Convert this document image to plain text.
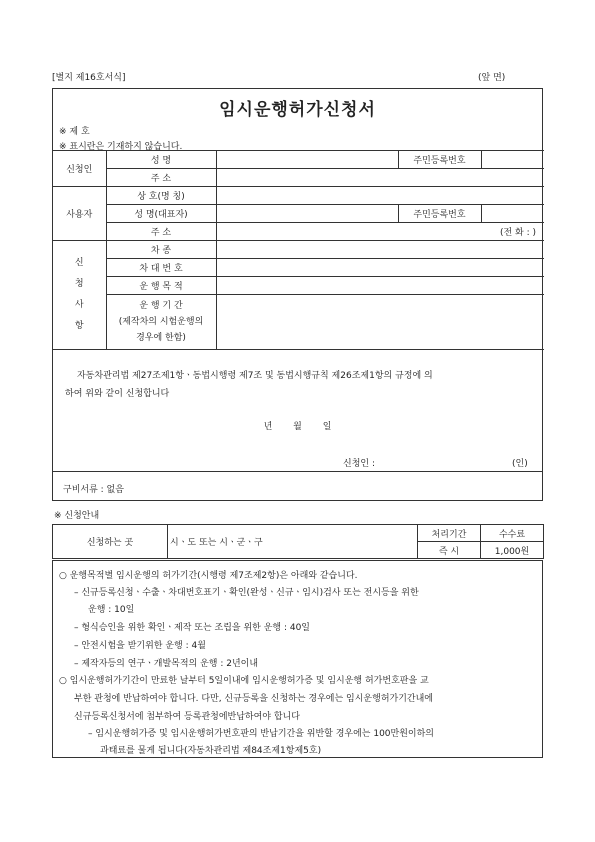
[별지 제16호서식]	(앞 면)
임시운행허가신청서
※ 제 호
※ 표시란은 기재하지 않습니다.
신청인	성 명		주민등록번호	
	주 소			
사용자	상 호(명 칭)			
	성 명(대표자)		주민등록번호	
	주 소	(전 화 : )		

신
청
사
항	차 종			
	차 대 번 호			
	운 행 목 적			

	운 행 기 간
(제작차의 시험운행의
경우에 한함)			

자동차관리법 제27조제1항ㆍ동법시행령 제7조 및 동법시행규칙 제26조제1항의 규정에 의
하여 위와 같이 신청합니다
년 월 일
신청인 :	(인)
구비서류 : 없음
※ 신청안내
신청하는 곳	시ㆍ도 또는 시ㆍ군ㆍ구	처리기간	수수료
		즉 시	1,000원
○ 운행목적별 임시운행의 허가기간(시행령 제7조제2항)은 아래와 같습니다.
– 신규등록신청ㆍ수출ㆍ차대번호표기ㆍ확인(완성ㆍ신규ㆍ임시)검사 또는 전시등을 위한
운행 : 10일
– 형식승인을 위한 확인ㆍ제작 또는 조립을 위한 운행 : 40일
– 안전시험을 받기위한 운행 : 4월
– 제작자등의 연구ㆍ개발목적의 운행 : 2년이내
○ 임시운행허가기간이 만료한 날부터 5일이내에 임시운행허가증 및 임시운행 허가번호판을 교
부한 관청에 반납하여야 합니다. 다만, 신규등록을 신청하는 경우에는 임시운행허가기간내에
신규등록신청서에 첨부하여 등록관청에반납하여야 합니다
– 임시운행허가증 및 임시운행허가번호판의 반납기간을 위반할 경우에는 100만원이하의
과태료를 물게 됩니다(자동차관리법 제84조제1항제5호)
